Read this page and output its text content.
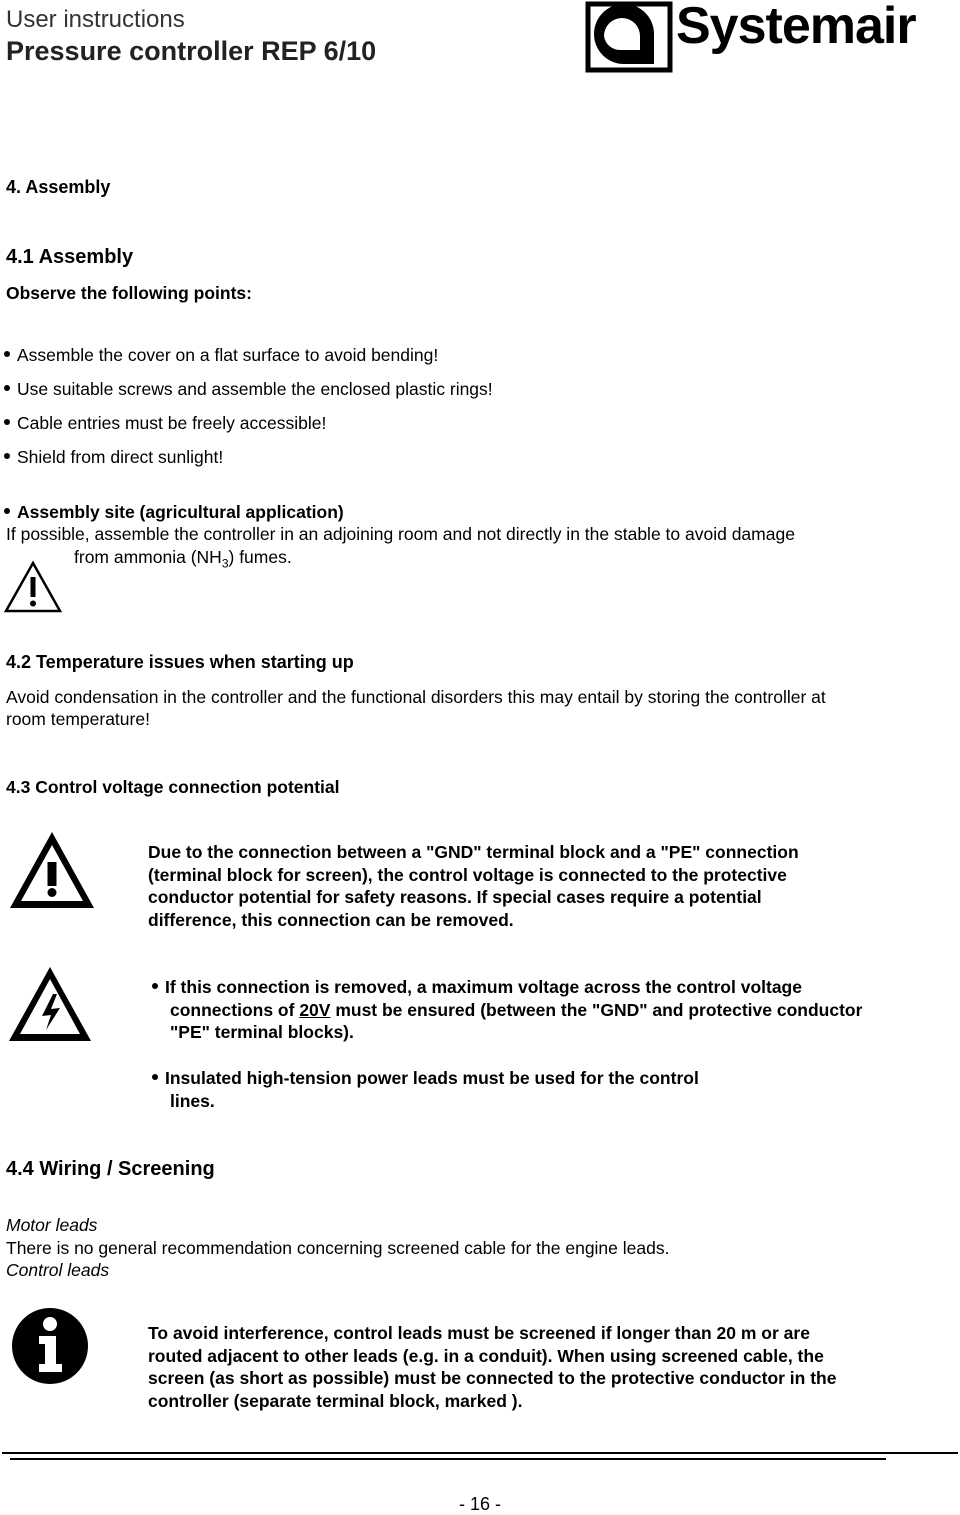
User instructions
Pressure controller REP 6/10	Systemair
4. Assembly
4.1 Assembly
Observe the following points:
Assemble the cover on a flat surface to avoid bending!
Use suitable screws and assemble the enclosed plastic rings!
Cable entries must be freely accessible!
Shield from direct sunlight!
Assembly site (agricultural application)
If possible, assemble the controller in an adjoining room and not directly in the stable to avoid damage
from ammonia $(NH_3)$ fumes.
4.2 Temperature issues when starting up
Avoid condensation in the controller and the functional disorders this may entail by storing the controller at
room temperature!
4.3 Control voltage connection potential
Due to the connection between a "GND" terminal block and a "PE" connection
(terminal block for screen), the control voltage is connected to the protective
conductor potential for safety reasons. If special cases require a potential
difference, this connection can be removed.
If this connection is removed, a maximum voltage across the control voltage
connections of 20V must be ensured (between the "GND" and protective conductor
"PE" terminal blocks).
Insulated high-tension power leads must be used for the control
lines.
4.4 Wiring / Screening
Motor leads
There is no general recommendation concerning screened cable for the engine leads.
Control leads
To avoid interference, control leads must be screened if longer than 20 m or are
routed adjacent to other leads (e.g. in a conduit). When using screened cable, the
screen (as short as possible) must be connected to the protective conductor in the
controller (separate terminal block, marked ).
- 16 -
